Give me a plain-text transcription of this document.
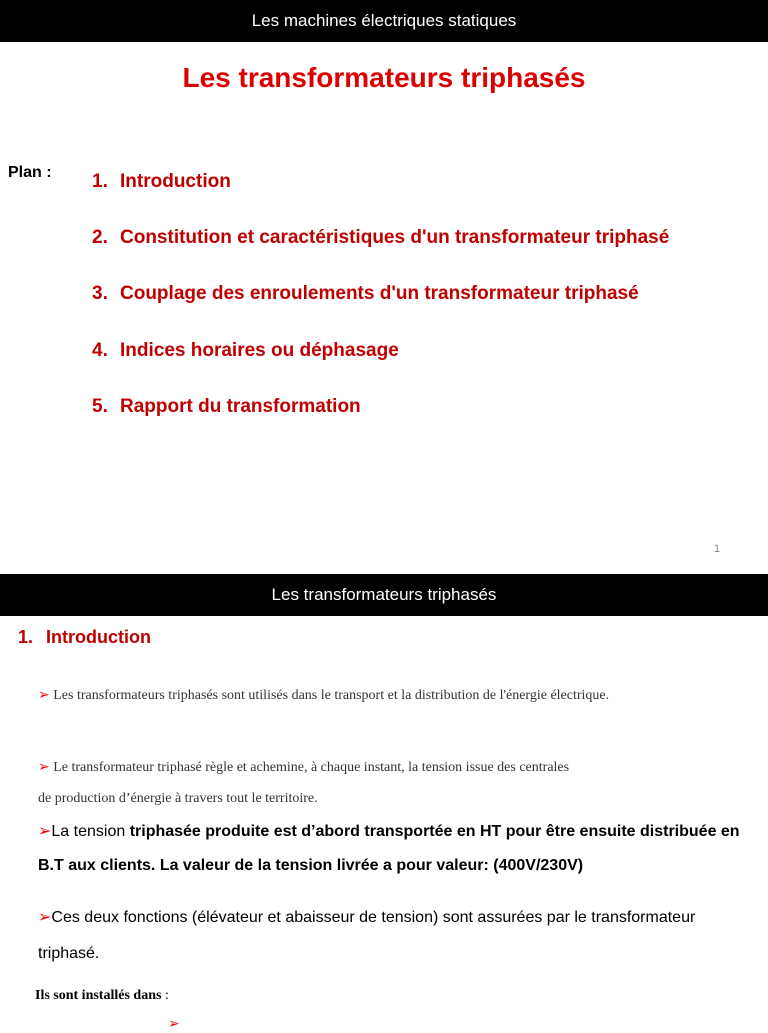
Les machines électriques statiques
Les transformateurs triphasés
Plan : 1. Introduction
2. Constitution et caractéristiques d'un transformateur triphasé
3. Couplage des enroulements d'un transformateur triphasé
4. Indices horaires ou déphasage
5. Rapport du transformation
1
Les transformateurs triphasés
1. Introduction
➢ Les transformateurs triphasés sont utilisés dans le transport et la distribution de l'énergie électrique.
➢ Le transformateur triphasé règle et achemine, à chaque instant, la tension issue des centrales
de production d’énergie à travers tout le territoire.
➢La tension triphasée produite est d’abord transportée en HT pour être ensuite distribuée en B.T aux clients. La valeur de la tension livrée a pour valeur: (400V/230V)
➢Ces deux fonctions (élévateur et abaisseur de tension) sont assurées par le transformateur triphasé.
Ils sont installés dans :
➢
